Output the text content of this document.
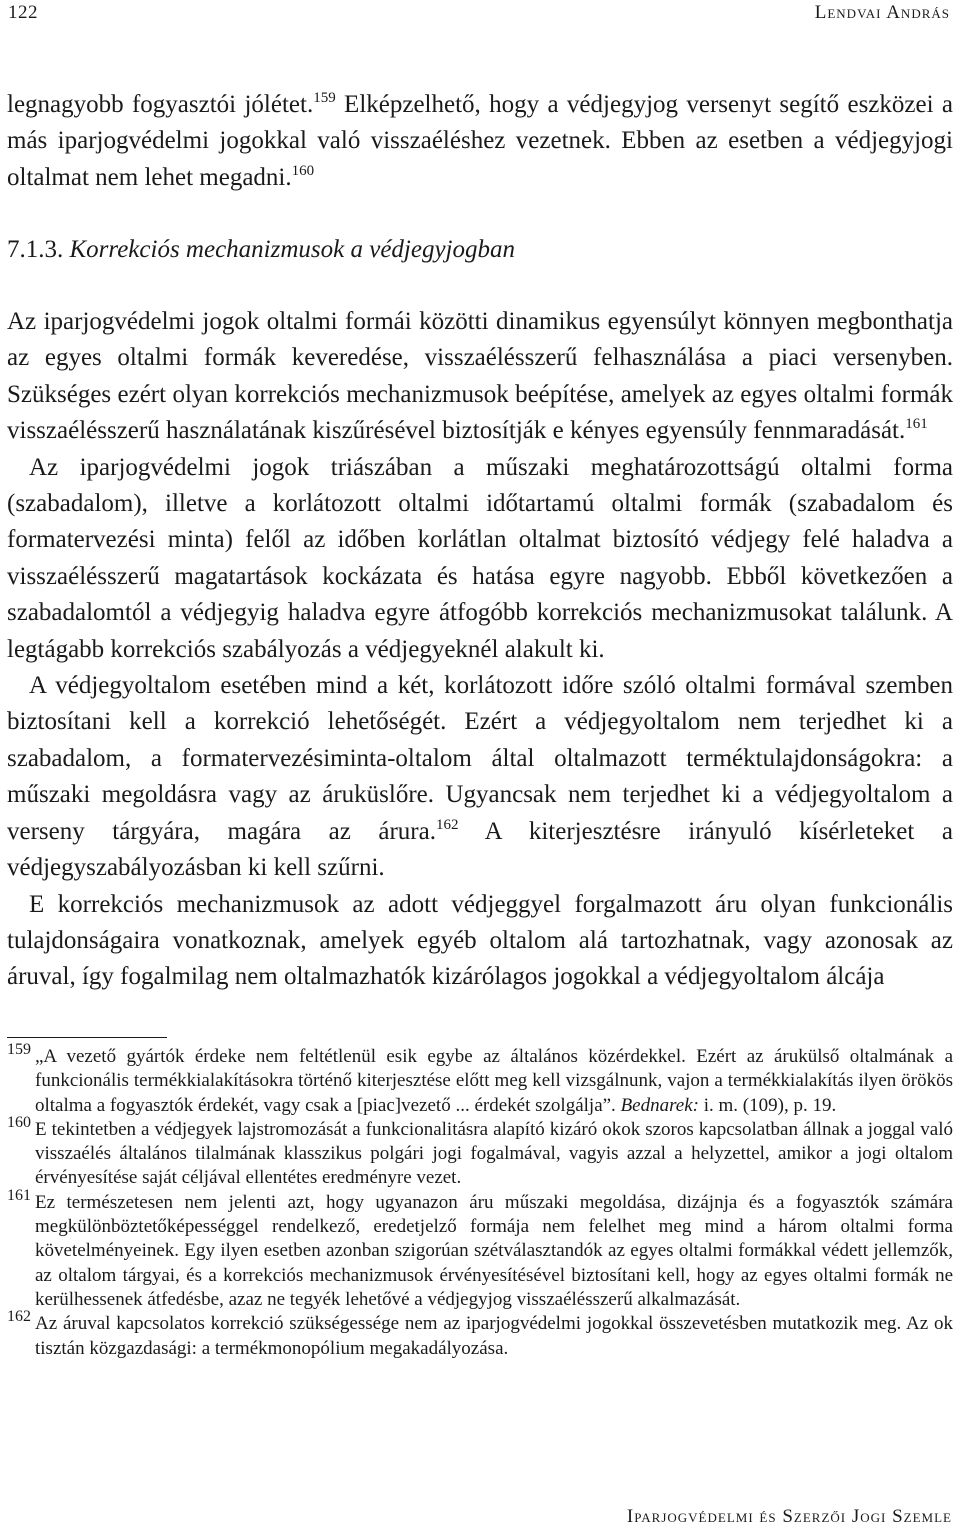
122	Lendvai András

legnagyobb fogyasztói jólétet.$^{159}$ Elképzelhető, hogy a védjegyjog versenyt segítő eszközei a más iparjogvédelmi jogokkal való visszaéléshez vezetnek. Ebben az esetben a védjegyjogi oltalmat nem lehet megadni.$^{160}$

7.1.3. Korrekciós mechanizmusok a védjegyjogban

Az iparjogvédelmi jogok oltalmi formái közötti dinamikus egyensúlyt könnyen megbonthatja az egyes oltalmi formák keveredése, visszaélésszerű felhasználása a piaci versenyben. Szükséges ezért olyan korrekciós mechanizmusok beépítése, amelyek az egyes oltalmi formák visszaélésszerű használatának kiszűrésével biztosítják e kényes egyensúly fennmaradását.$^{161}$

Az iparjogvédelmi jogok triászában a műszaki meghatározottságú oltalmi forma (szabadalom), illetve a korlátozott oltalmi időtartamú oltalmi formák (szabadalom és formatervezési minta) felől az időben korlátlan oltalmat biztosító védjegy felé haladva a visszaélésszerű magatartások kockázata és hatása egyre nagyobb. Ebből következően a szabadalomtól a védjegyig haladva egyre átfogóbb korrekciós mechanizmusokat találunk. A legtágabb korrekciós szabályozás a védjegyeknél alakult ki.

A védjegyoltalom esetében mind a két, korlátozott időre szóló oltalmi formával szemben biztosítani kell a korrekció lehetőségét. Ezért a védjegyoltalom nem terjedhet ki a szabadalom, a formatervezésiminta-oltalom által oltalmazott terméktulajdonságokra: a műszaki megoldásra vagy az áruküslőre. Ugyancsak nem terjedhet ki a védjegyoltalom a verseny tárgyára, magára az árura.$^{162}$ A kiterjesztésre irányuló kísérleteket a védjegyszabályozásban ki kell szűrni.

E korrekciós mechanizmusok az adott védjeggyel forgalmazott áru olyan funkcionális tulajdonságaira vonatkoznak, amelyek egyéb oltalom alá tartozhatnak, vagy azonosak az áruval, így fogalmilag nem oltalmazhatók kizárólagos jogokkal a védjegyoltalom álcája

159 „A vezető gyártók érdeke nem feltétlenül esik egybe az általános közérdekkel. Ezért az árukülső oltalmának a funkcionális termékkialakításokra történő kiterjesztése előtt meg kell vizsgálnunk, vajon a termékkialakítás ilyen örökös oltalma a fogyasztók érdekét, vagy csak a [piac]vezető ... érdekét szolgálja”. Bednarek: i. m. (109), p. 19.

160 E tekintetben a védjegyek lajstromozását a funkcionalitásra alapító kizáró okok szoros kapcsolatban állnak a joggal való visszaélés általános tilalmának klasszikus polgári jogi fogalmával, vagyis azzal a helyzettel, amikor a jogi oltalom érvényesítése saját céljával ellentétes eredményre vezet.

161 Ez természetesen nem jelenti azt, hogy ugyanazon áru műszaki megoldása, dizájnja és a fogyasztók számára megkülönböztetőképességgel rendelkező, eredetjelző formája nem felelhet meg mind a három oltalmi forma követelményeinek. Egy ilyen esetben azonban szigorúan szétválasztandók az egyes oltalmi formákkal védett jellemzők, az oltalom tárgyai, és a korrekciós mechanizmusok érvényesítésével biztosítani kell, hogy az egyes oltalmi formák ne kerülhessenek átfedésbe, azaz ne tegyék lehetővé a védjegyjog visszaélésszerű alkalmazását.

162 Az áruval kapcsolatos korrekció szükségessége nem az iparjogvédelmi jogokkal összevetésben mutatkozik meg. Az ok tisztán közgazdasági: a termékmonopólium megakadályozása.

Iparjogvédelmi és Szerzői Jogi Szemle
